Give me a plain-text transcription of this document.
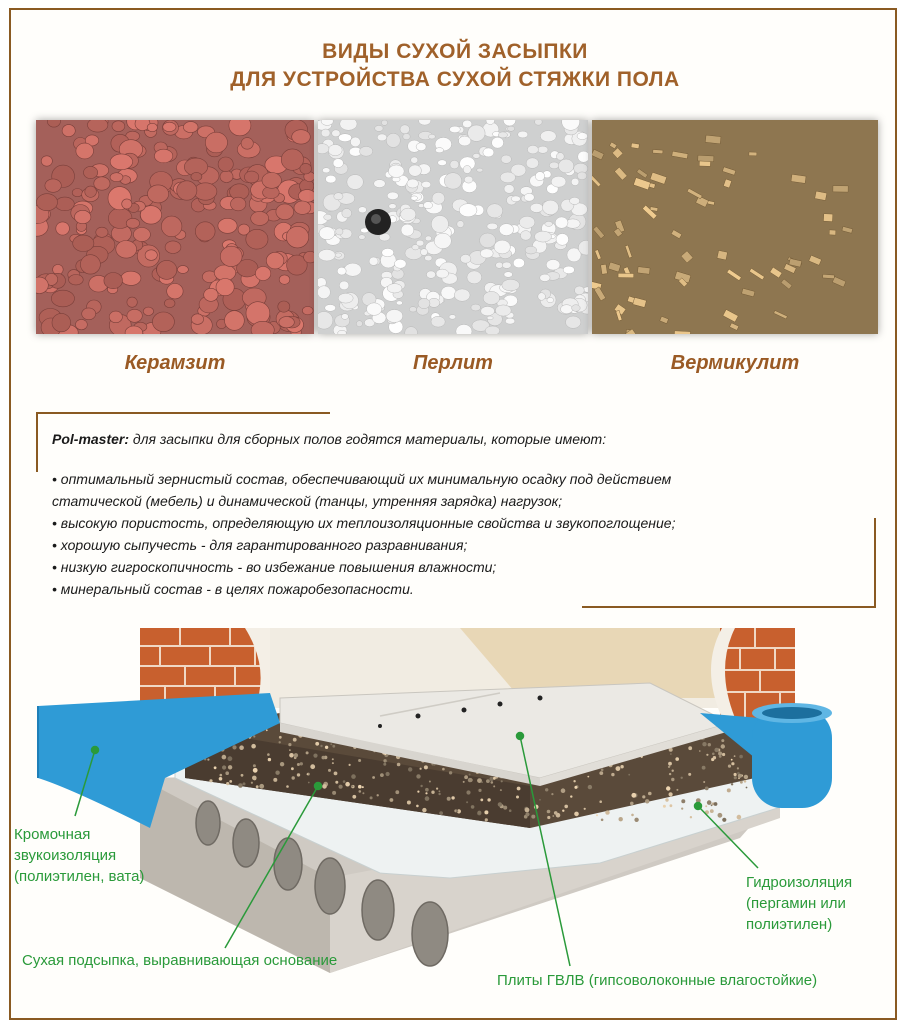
ВИДЫ СУХОЙ ЗАСЫПКИ
ДЛЯ УСТРОЙСТВА СУХОЙ СТЯЖКИ ПОЛА
Керамзит	Перлит	Вермикулит

Pol-master: для засыпки для сборных полов годятся материалы, которые имеют:

• оптимальный зернистый состав, обеспечивающий их минимальную осадку под действием

статической (мебель) и динамической (танцы, утренняя зарядка) нагрузок;

• высокую пористость, определяющую их теплоизоляционные свойства и звукопоглощение;

• хорошую сыпучесть - для гарантированного разравнивания;

• низкую гигроскопичность - во избежание повышения влажности;

• минеральный состав - в целях пожаробезопасности.

Кромочная
звукоизоляция
(полиэтилен, вата)
Сухая подсыпка, выравнивающая основание
Плиты ГВЛВ (гипсоволоконные влагостойкие)
Гидроизоляция
(пергамин или
полиэтилен)
